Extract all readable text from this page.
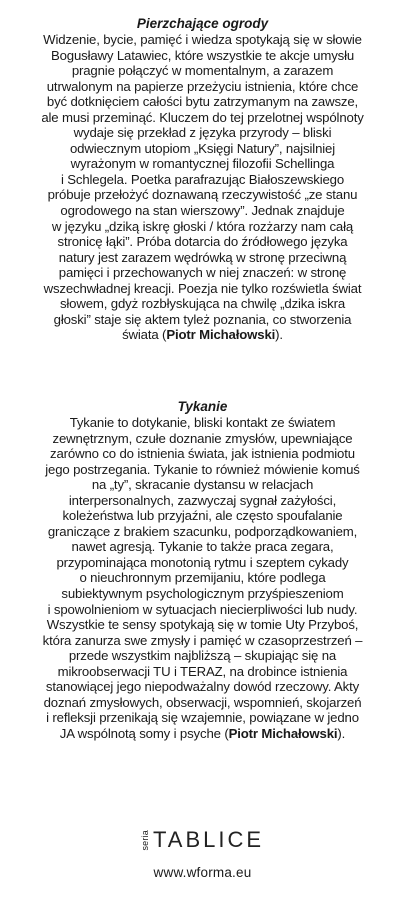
Pierzchające ogrody

Widzenie, bycie, pamięć i wiedza spotykają się w słowie
Bogusławy Latawiec, które wszystkie te akcje umysłu
pragnie połączyć w momentalnym, a zarazem
utrwalonym na papierze przeżyciu istnienia, które chce
być dotknięciem całości bytu zatrzymanym na zawsze,
ale musi przeminąć. Kluczem do tej przelotnej wspólnoty
wydaje się przekład z języka przyrody – bliski
odwiecznym utopiom „Księgi Natury”, najsilniej
wyrażonym w romantycznej filozofii Schellinga
i Schlegela. Poetka parafrazując Białoszewskiego
próbuje przełożyć doznawaną rzeczywistość „ze stanu
ogrodowego na stan wierszowy”. Jednak znajduje
w języku „dziką iskrę głoski / która rozżarzy nam całą
stronicę łąki”. Próba dotarcia do źródłowego języka
natury jest zarazem wędrówką w stronę przeciwną
pamięci i przechowanych w niej znaczeń: w stronę
wszechwładnej kreacji. Poezja nie tylko rozświetla świat
słowem, gdyż rozbłyskująca na chwilę „dzika iskra
głoski” staje się aktem tyleż poznania, co stworzenia
świata (Piotr Michałowski).

Tykanie

Tykanie to dotykanie, bliski kontakt ze światem
zewnętrznym, czułe doznanie zmysłów, upewniające
zarówno co do istnienia świata, jak istnienia podmiotu
jego postrzegania. Tykanie to również mówienie komuś
na „ty”, skracanie dystansu w relacjach
interpersonalnych, zazwyczaj sygnał zażyłości,
koleżeństwa lub przyjaźni, ale często spoufalanie
graniczące z brakiem szacunku, podporządkowaniem,
nawet agresją. Tykanie to także praca zegara,
przypominająca monotonią rytmu i szeptem cykady
o nieuchronnym przemijaniu, które podlega
subiektywnym psychologicznym przyśpieszeniom
i spowolnieniom w sytuacjach niecierpliwości lub nudy.
Wszystkie te sensy spotykają się w tomie Uty Przyboś,
która zanurza swe zmysły i pamięć w czasoprzestrzeń –
przede wszystkim najbliższą – skupiając się na
mikroobserwacji TU i TERAZ, na drobince istnienia
stanowiącej jego niepodważalny dowód rzeczowy. Akty
doznań zmysłowych, obserwacji, wspomnień, skojarzeń
i refleksji przenikają się wzajemnie, powiązane w jedno
JA wspólnotą somy i psyche (Piotr Michałowski).
seria TABLICE
www.wforma.eu
